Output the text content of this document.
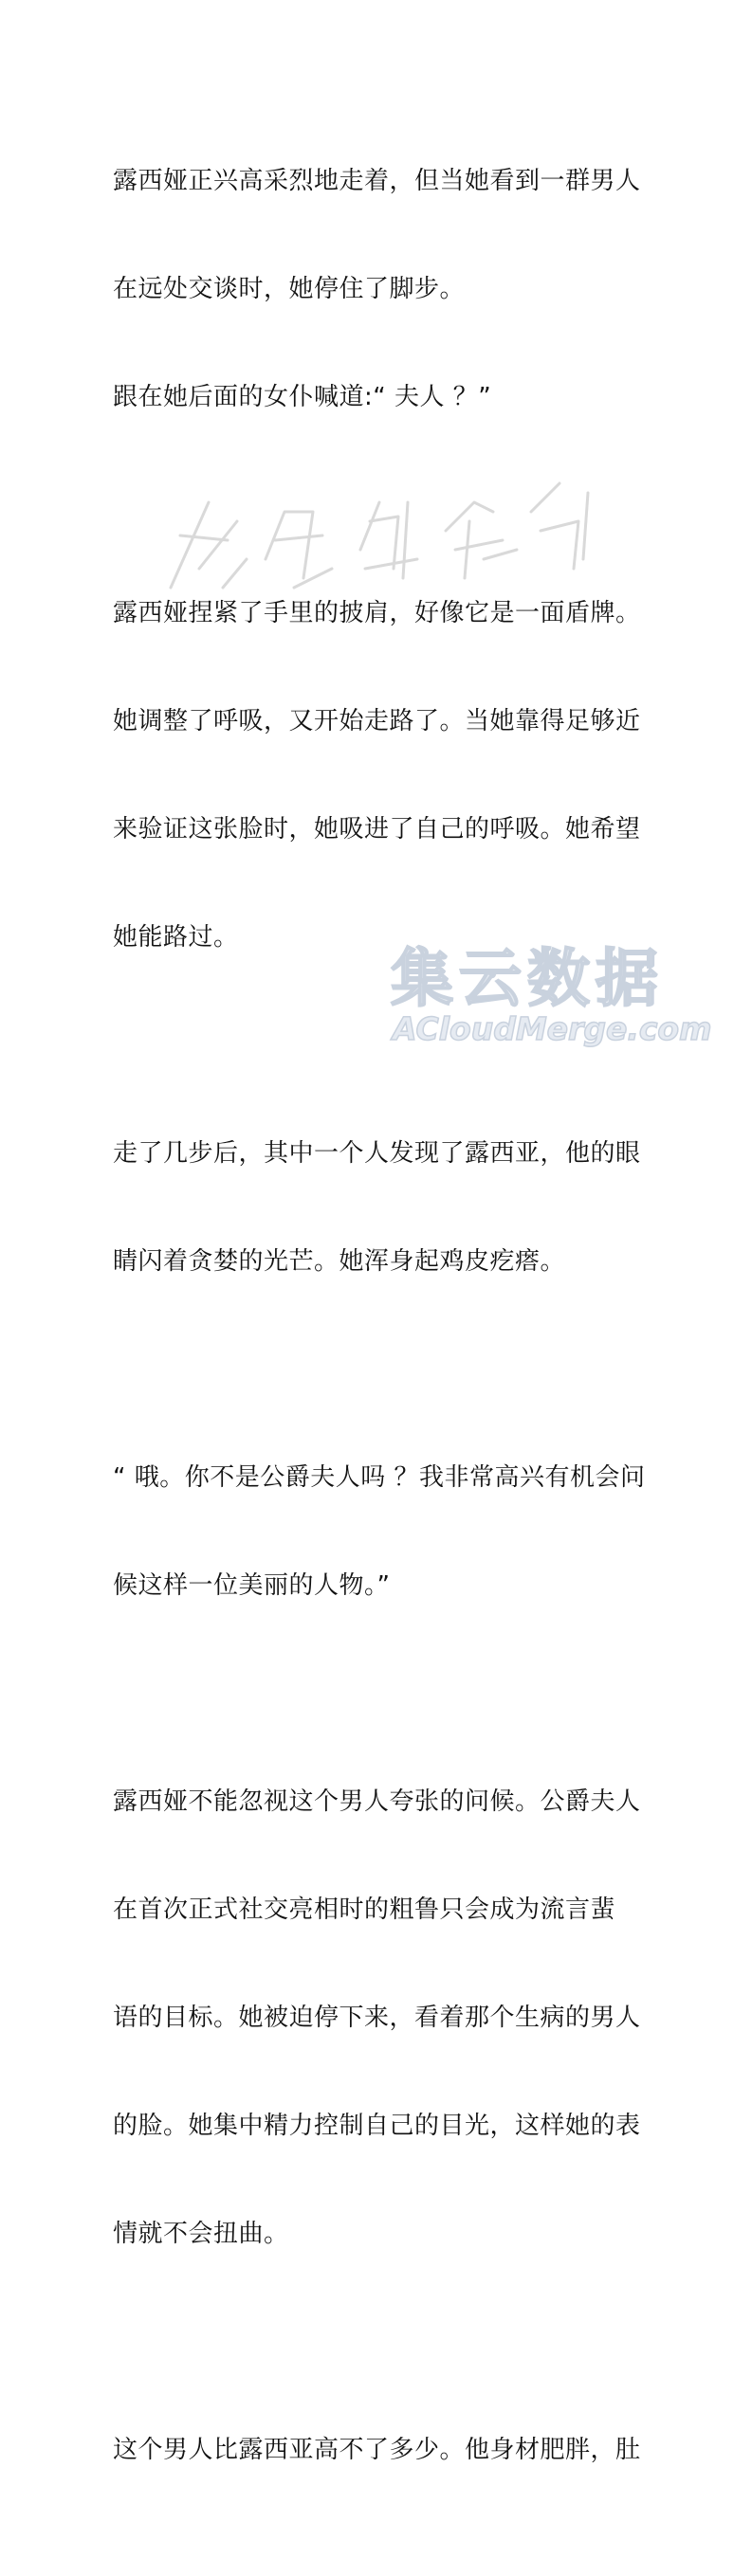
露西娅正兴高采烈地走着，但当她看到一群男人

在远处交谈时，她停住了脚步。

跟在她后面的女仆喊道:“ 夫人 ？”

露西娅捏紧了手里的披肩，好像它是一面盾牌。

她调整了呼吸，又开始走路了。当她靠得足够近

来验证这张脸时，她吸进了自己的呼吸。她希望

她能路过。

走了几步后，其中一个人发现了露西亚，他的眼

睛闪着贪婪的光芒。她浑身起鸡皮疙瘩。

“ 哦。你不是公爵夫人吗 ？我非常高兴有机会问

候这样一位美丽的人物。”

露西娅不能忽视这个男人夸张的问候。公爵夫人

在首次正式社交亮相时的粗鲁只会成为流言蜚

语的目标。她被迫停下来，看着那个生病的男人

的脸。她集中精力控制自己的目光，这样她的表

情就不会扭曲。

这个男人比露西亚高不了多少。他身材肥胖，肚

集云数据
ACloudMerge.com
